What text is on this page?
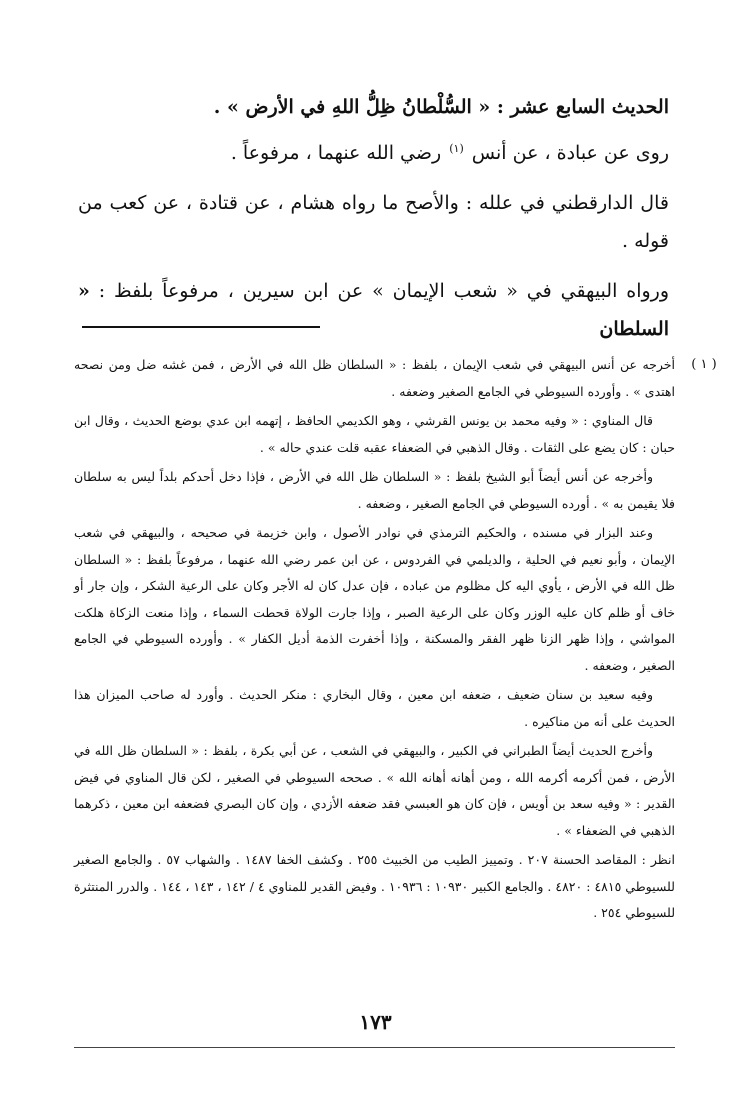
الحديث السابع عشر : « السُّلْطانُ ظِلُّ اللهِ في الأرض » .

روى عن عبادة ، عن أنس $^{(١)}$ رضي الله عنهما ، مرفوعاً .

قال الدارقطني في علله : والأصح ما رواه هشام ، عن قتادة ، عن كعب من قوله .

ورواه البيهقي في « شعب الإيمان » عن ابن سيرين ، مرفوعاً بلفظ : « السلطان

( ١ )

أخرجه عن أنس البيهقي في شعب الإيمان ، بلفظ : « السلطان ظل الله في الأرض ، فمن غشه ضل ومن نصحه اهتدى » . وأورده السيوطي في الجامع الصغير وضعفه .

قال المناوي : « وفيه محمد بن يونس القرشي ، وهو الكديمي الحافظ ، إتهمه ابن عدي بوضع الحديث ، وقال ابن حبان : كان يضع على الثقات . وقال الذهبي في الضعفاء عقبه قلت عندي حاله » .

وأخرجه عن أنس أيضاً أبو الشيخ بلفظ : « السلطان ظل الله في الأرض ، فإذا دخل أحدكم بلداً ليس به سلطان فلا يقيمن به » . أورده السيوطي في الجامع الصغير ، وضعفه .

وعند البزار في مسنده ، والحكيم الترمذي في نوادر الأصول ، وابن خزيمة في صحيحه ، والبيهقي في شعب الإيمان ، وأبو نعيم في الحلية ، والديلمي في الفردوس ، عن ابن عمر رضي الله عنهما ، مرفوعاً بلفظ : « السلطان ظل الله في الأرض ، يأوي اليه كل مظلوم من عباده ، فإن عدل كان له الأجر وكان على الرعية الشكر ، وإن جار أو خاف أو ظلم كان عليه الوزر وكان على الرعية الصبر ، وإذا جارت الولاة قحطت السماء ، وإذا منعت الزكاة هلكت المواشي ، وإذا ظهر الزنا ظهر الفقر والمسكنة ، وإذا أخفرت الذمة أديل الكفار » . وأورده السيوطي في الجامع الصغير ، وضعفه .

وفيه سعيد بن سنان ضعيف ، ضعفه ابن معين ، وقال البخاري : منكر الحديث . وأورد له صاحب الميزان هذا الحديث على أنه من مناكيره .

وأخرج الحديث أيضاً الطبراني في الكبير ، والبيهقي في الشعب ، عن أبي بكرة ، بلفظ : « السلطان ظل الله في الأرض ، فمن أكرمه أكرمه الله ، ومن أهانه أهانه الله » . صححه السيوطي في الصغير ، لكن قال المناوي في فيض القدير : « وفيه سعد بن أويس ، فإن كان هو العبسي فقد ضعفه الأزدي ، وإن كان البصري فضعفه ابن معين ، ذكرهما الذهبي في الضعفاء » .

انظر : المقاصد الحسنة ٢٠٧ . وتمييز الطيب من الخبيث ٢٥٥ . وكشف الخفا ١٤٨٧ . والشهاب ٥٧ . والجامع الصغير للسيوطي ٤٨١٥ : ٤٨٢٠ . والجامع الكبير ١٠٩٣٠ : ١٠٩٣٦ . وفيض القدير للمناوي ٤ / ١٤٢ ، ١٤٣ ، ١٤٤ . والدرر المنتثرة للسيوطي ٢٥٤ .

١٧٣
